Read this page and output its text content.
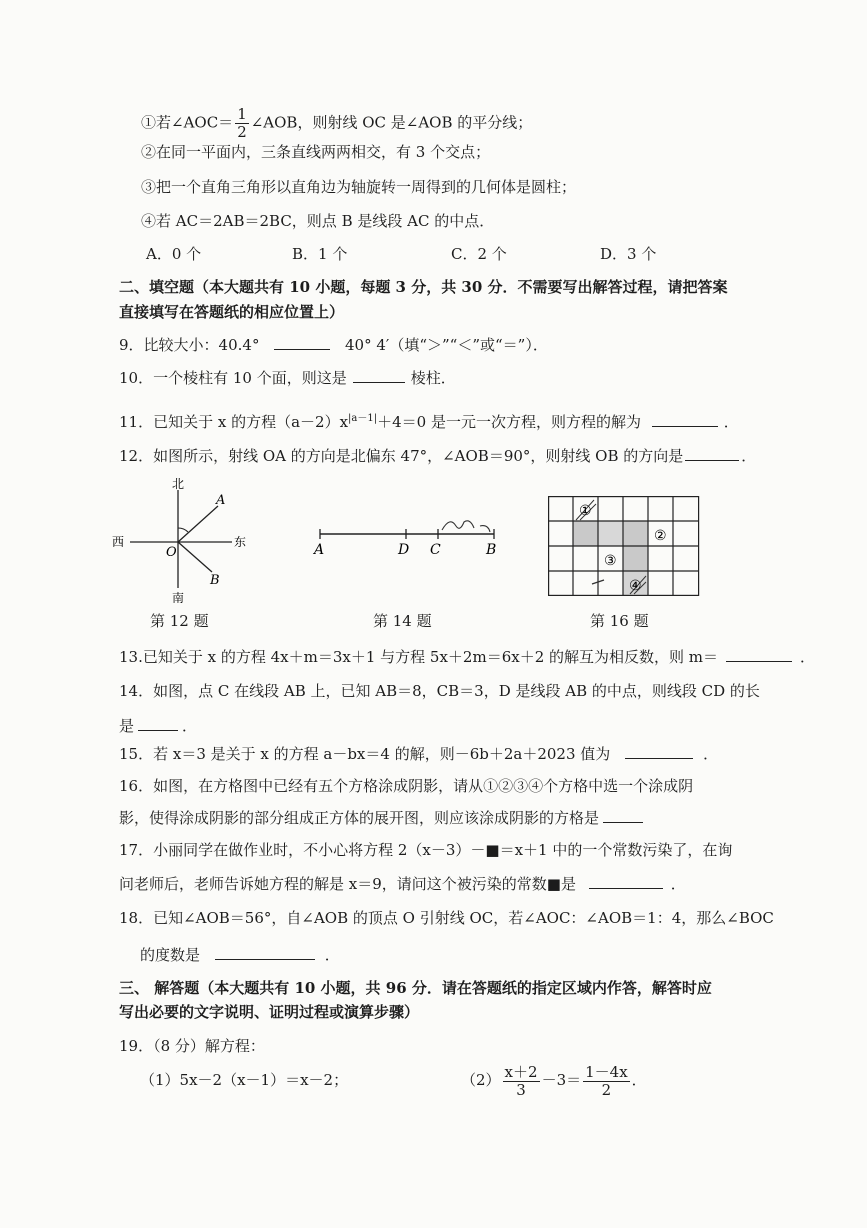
①若∠AOC＝ $\frac{1}{2}$ ∠AOB，则射线 OC 是∠AOB 的平分线；
②在同一平面内，三条直线两两相交，有 3 个交点；
③把一个直角三角形以直角边为轴旋转一周得到的几何体是圆柱；
④若 AC＝2AB＝2BC，则点 B 是线段 AC 的中点．
A．0 个	B．1 个	C．2 个	D．3 个
二、填空题（本大题共有 10 小题，每题 3 分，共 30 分．不需要写出解答过程，请把答案
直接填写在答题纸的相应位置上）
9．比较大小：40.4°	40° 4′（填“＞”“＜”或“＝”）．
10．一个棱柱有 10 个面，则这是	棱柱．
11．已知关于 x 的方程$(a-2)x^{|a-1|}+4=0$ 是一元一次方程，则方程的解为	．
12．如图所示，射线 OA 的方向是北偏东 47°，∠AOB＝90°，则射线 OB 的方向是	．
北
南
西	东
O
A
B
第 12 题
A	D C	B
第 14 题
①
②
③
④
第 16 题
13.已知关于 x 的方程 4x＋m＝3x＋1 与方程 5x＋2m＝6x＋2 的解互为相反数，则 m＝	．
14．如图，点 C 在线段 AB 上，已知 AB＝8，CB＝3，D 是线段 AB 的中点，则线段 CD 的长
是	．
15．若 x＝3 是关于 x 的方程 a－bx＝4 的解，则－6b＋2a＋2023 值为	．
16．如图，在方格图中已经有五个方格涂成阴影，请从①②③④个方格中选一个涂成阴
影，使得涂成阴影的部分组成正方体的展开图，则应该涂成阴影的方格是
17．小丽同学在做作业时，不小心将方程 2（x－3）－■＝x＋1 中的一个常数污染了，在询
问老师后，老师告诉她方程的解是 x＝9，请问这个被污染的常数■是	．
18．已知∠AOB＝56°，自∠AOB 的顶点 O 引射线 OC，若∠AOC：∠AOB＝1：4，那么∠BOC
的度数是	．
三、 解答题（本大题共有 10 小题，共 96 分．请在答题纸的指定区域内作答，解答时应
写出必要的文字说明、证明过程或演算步骤）
19．（8 分）解方程：
（1）5x－2（x－1）＝x－2；	$(2) \frac{x+2}{3} -3= \frac{1-4x}{2}$ ．
